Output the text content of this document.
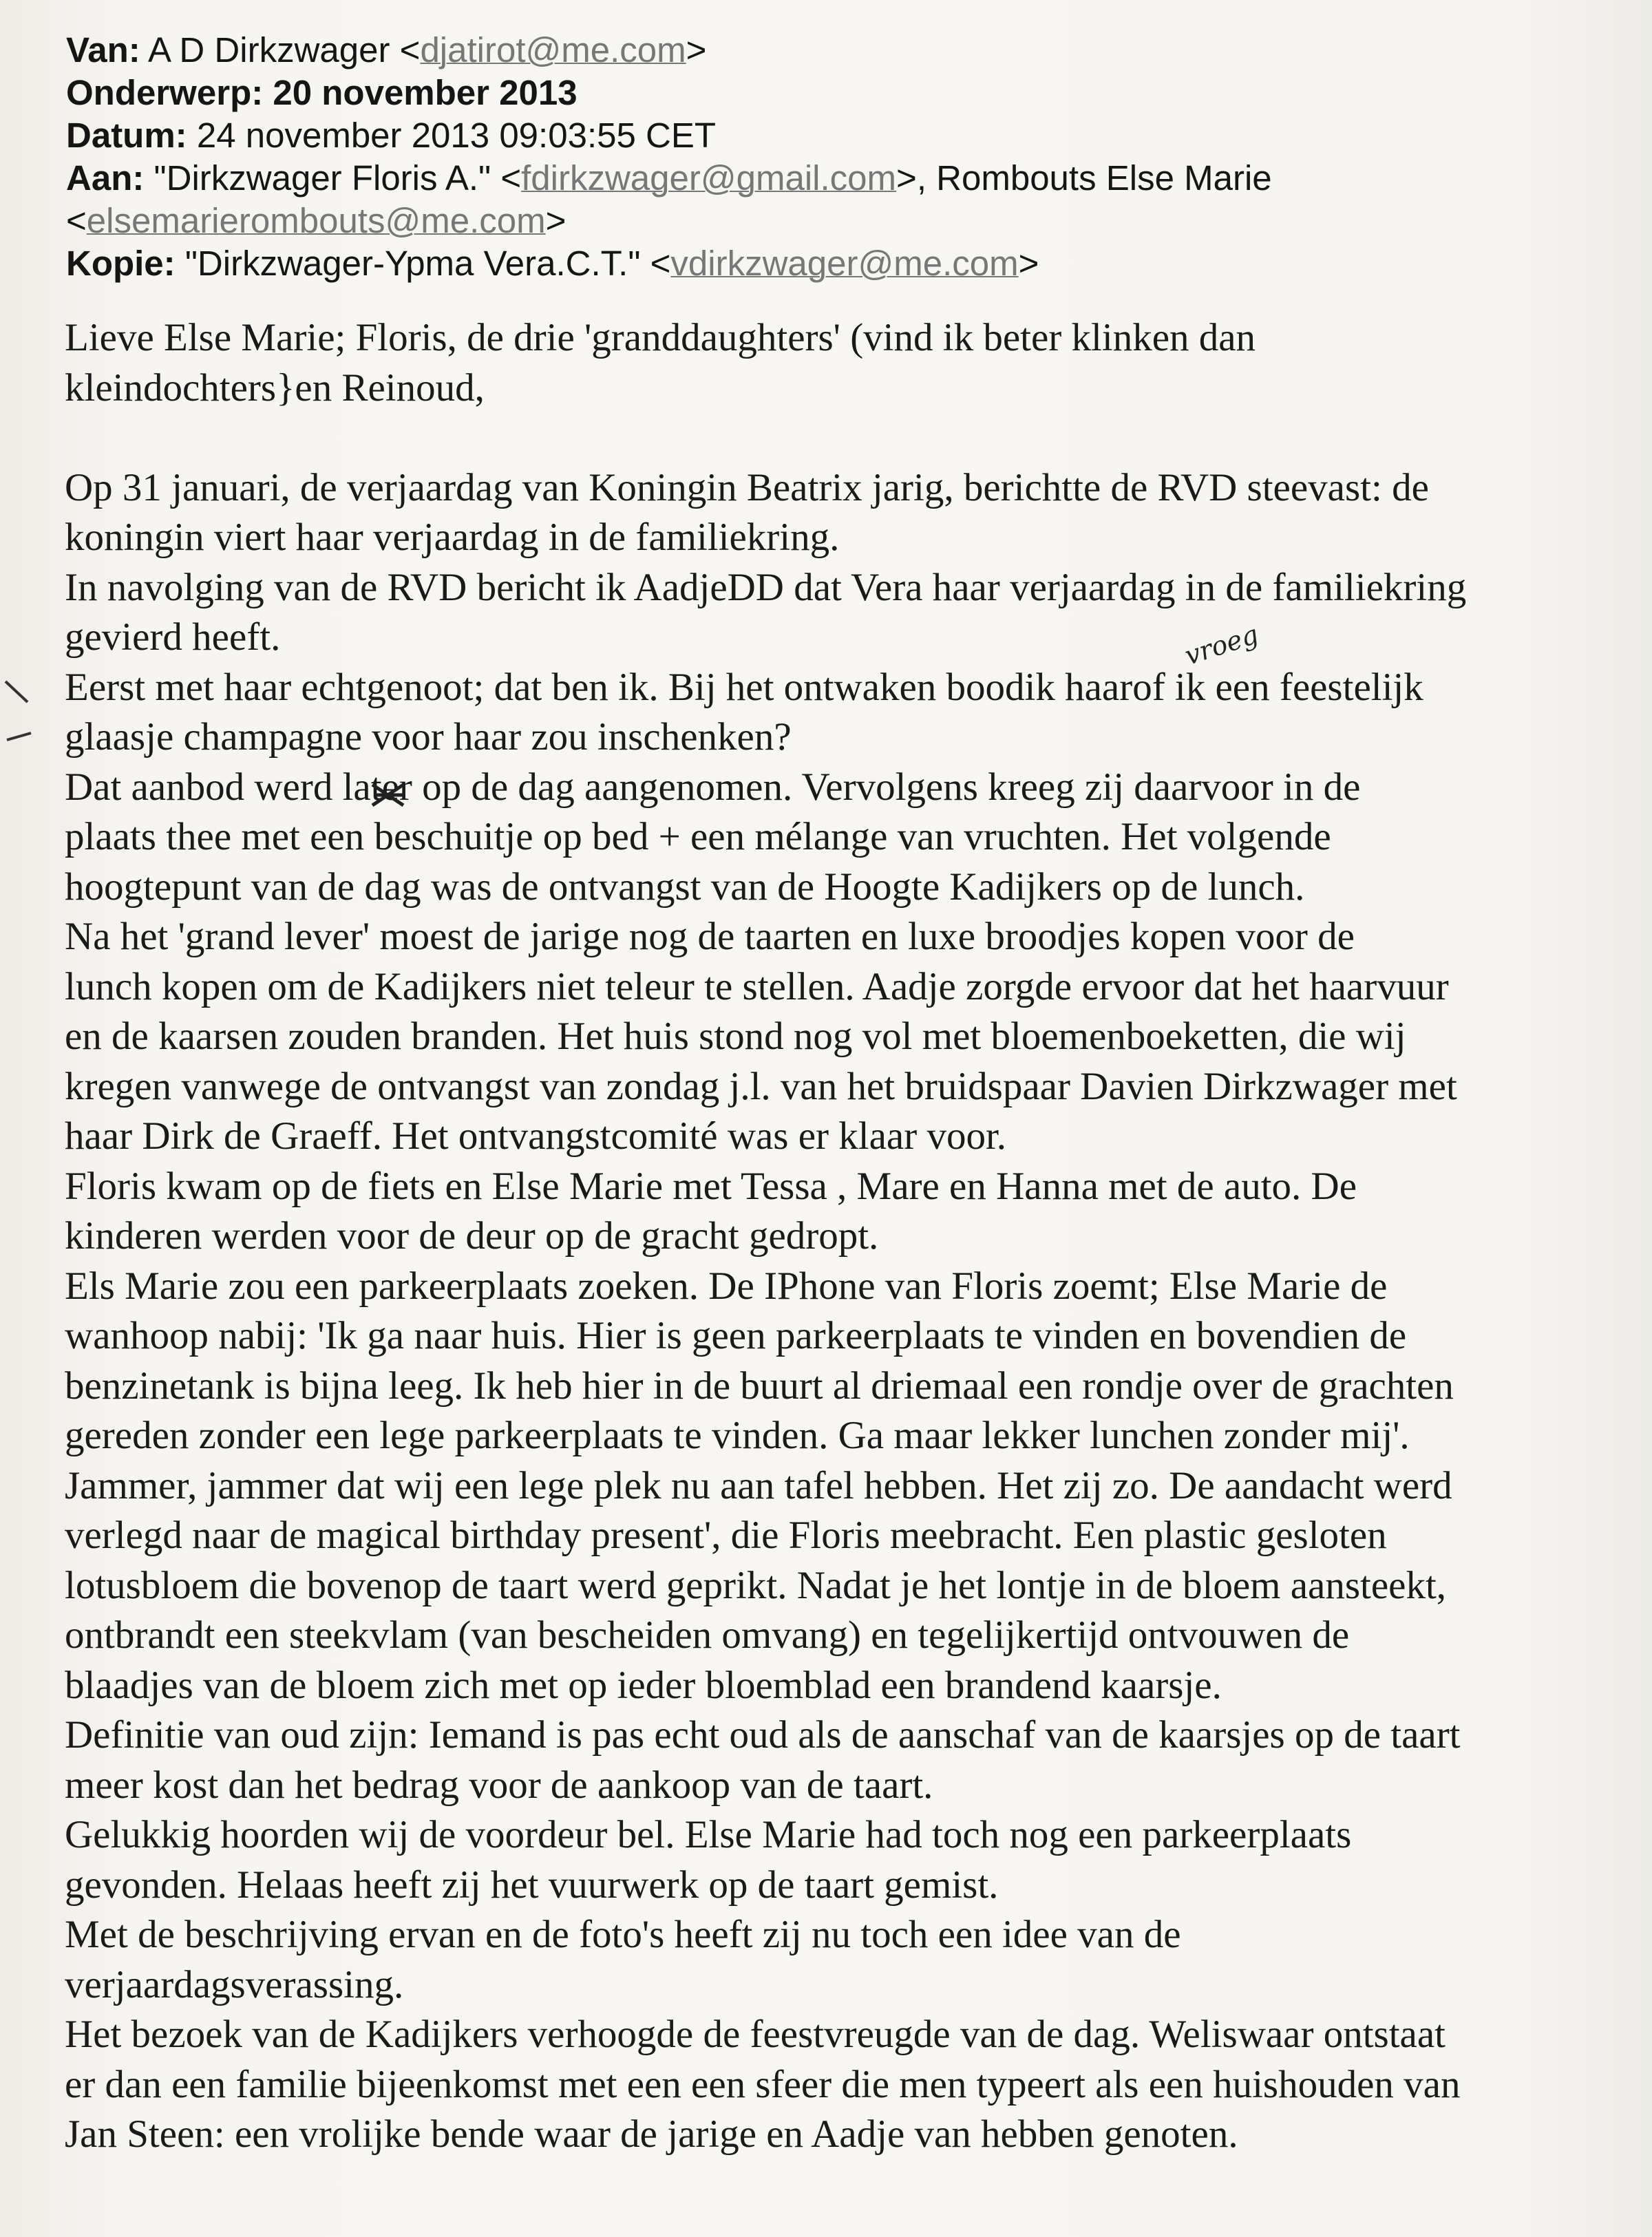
Van: A D Dirkzwager <djatirot@me.com>
Onderwerp: 20 november 2013
Datum: 24 november 2013 09:03:55 CET
Aan: "Dirkzwager Floris A." <fdirkzwager@gmail.com>, Rombouts Else Marie
<elsemarierombouts@me.com>
Kopie: "Dirkzwager-Ypma Vera.C.T." <vdirkzwager@me.com>
Lieve Else Marie; Floris, de drie 'granddaughters' (vind ik beter klinken dan
kleindochters}en Reinoud,
Op 31 januari, de verjaardag van Koningin Beatrix jarig, berichtte de RVD steevast: de
koningin viert haar verjaardag in de familiekring.
In navolging van de RVD bericht ik AadjeDD dat Vera haar verjaardag in de familiekring
gevierd heeft.
Eerst met haar echtgenoot; dat ben ik. Bij het ontwaken boodik haarof ik een feestelijk
glaasje champagne voor haar zou inschenken?
Dat aanbod werd later op de dag aangenomen. Vervolgens kreeg zij daarvoor in de
plaats thee met een beschuitje op bed + een mélange van vruchten. Het volgende
hoogtepunt van de dag was de ontvangst van de Hoogte Kadijkers op de lunch.
Na het 'grand lever' moest de jarige nog de taarten en luxe broodjes kopen voor de
lunch kopen om de Kadijkers niet teleur te stellen. Aadje zorgde ervoor dat het haarvuur
en de kaarsen zouden branden. Het huis stond nog vol met bloemenboeketten, die wij
kregen vanwege de ontvangst van zondag j.l. van het bruidspaar Davien Dirkzwager met
haar Dirk de Graeff. Het ontvangstcomité was er klaar voor.
Floris kwam op de fiets en Else Marie met Tessa , Mare en Hanna met de auto. De
kinderen werden voor de deur op de gracht gedropt.
Els Marie zou een parkeerplaats zoeken. De IPhone van Floris zoemt; Else Marie de
wanhoop nabij: 'Ik ga naar huis. Hier is geen parkeerplaats te vinden en bovendien de
benzinetank is bijna leeg. Ik heb hier in de buurt al driemaal een rondje over de grachten
gereden zonder een lege parkeerplaats te vinden. Ga maar lekker lunchen zonder mij'.
Jammer, jammer dat wij een lege plek nu aan tafel hebben. Het zij zo. De aandacht werd
verlegd naar de magical birthday present', die Floris meebracht. Een plastic gesloten
lotusbloem die bovenop de taart werd geprikt. Nadat je het lontje in de bloem aansteekt,
ontbrandt een steekvlam (van bescheiden omvang) en tegelijkertijd ontvouwen de
blaadjes van de bloem zich met op ieder bloemblad een brandend kaarsje.
Definitie van oud zijn: Iemand is pas echt oud als de aanschaf van de kaarsjes op de taart
meer kost dan het bedrag voor de aankoop van de taart.
Gelukkig hoorden wij de voordeur bel. Else Marie had toch nog een parkeerplaats
gevonden. Helaas heeft zij het vuurwerk op de taart gemist.
Met de beschrijving ervan en de foto's heeft zij nu toch een idee van de
verjaardagsverassing.
Het bezoek van de Kadijkers verhoogde de feestvreugde van de dag. Weliswaar ontstaat
er dan een familie bijeenkomst met een een sfeer die men typeert als een huishouden van
Jan Steen: een vrolijke bende waar de jarige en Aadje van hebben genoten.
vroeg
